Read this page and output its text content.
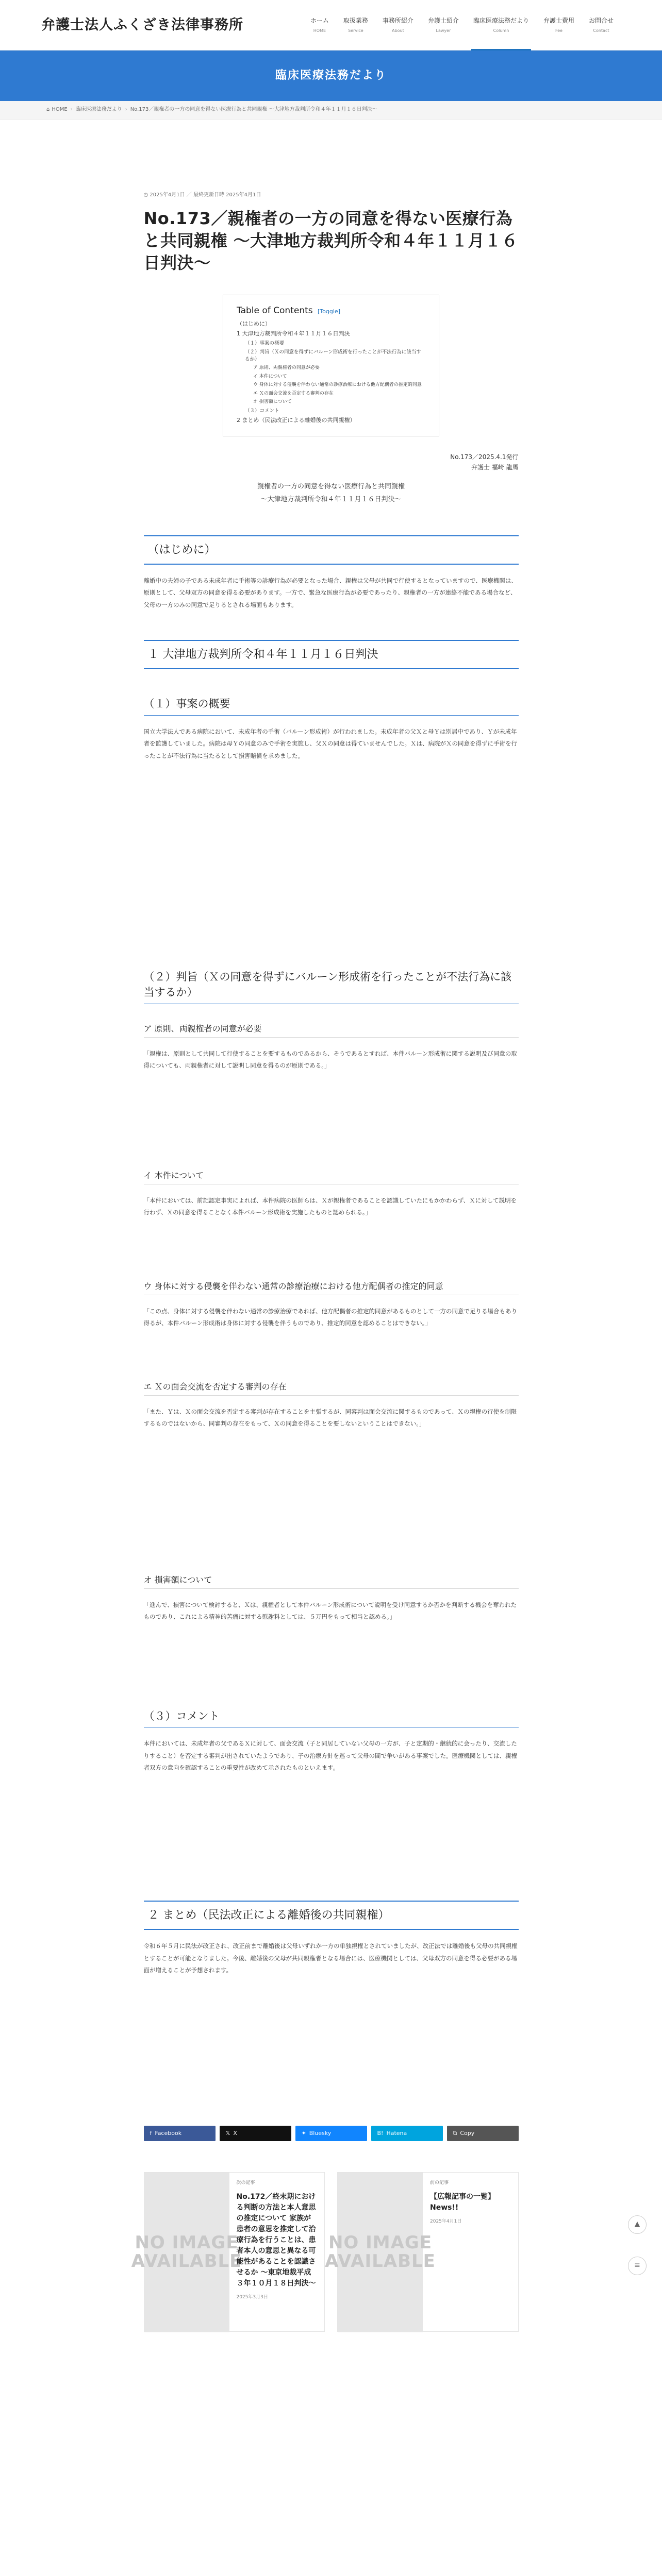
弁護士法人ふくざき法律事務所	ホーム
HOME
取扱業務
Service
事務所紹介
About
弁護士紹介
Lawyer
臨床医療法務だより
Column
弁護士費用
Fee
お問合せ
Contact
臨床医療法務だより
⌂ HOME › 臨床医療法務だより › No.173／親権者の一方の同意を得ない医療行為と共同親権 ～大津地方裁判所令和４年１１月１６日判決～
◷ 2025年4月1日 ／ 最終更新日時 2025年4月1日
No.173／親権者の一方の同意を得ない医療行為と共同親権 ～大津地方裁判所令和４年１１月１６日判決～
Table of Contents [Toggle]
（はじめに）
1 大津地方裁判所令和４年１１月１６日判決
（１）事案の概要
（２）判旨（Ｘの同意を得ずにバルーン形成術を行ったことが不法行為に該当するか）
ア 原則、両親権者の同意が必要
イ 本件について
ウ 身体に対する侵襲を伴わない通常の診療治療における他方配偶者の推定的同意
エ Ｘの面会交流を否定する審判の存在
オ 損害額について
（３）コメント
2 まとめ（民法改正による離婚後の共同親権）
No.173／2025.4.1発行
弁護士 福崎 龍馬
親権者の一方の同意を得ない医療行為と共同親権
～大津地方裁判所令和４年１１月１６日判決～
（はじめに）

離婚中の夫婦の子である未成年者に手術等の診療行為が必要となった場合、親権は父母が共同で行使するとなっていますので、医療機関は、原則として、父母双方の同意を得る必要があります。一方で、緊急な医療行為が必要であったり、親権者の一方が連絡不能である場合など、父母の一方のみの同意で足りるとされる場面もあります。

１ 大津地方裁判所令和４年１１月１６日判決
（１）事案の概要

国立大学法人である病院において、未成年者の手術（バルーン形成術）が行われました。未成年者の父Ｘと母Ｙは別居中であり、Ｙが未成年者を監護していました。病院は母Ｙの同意のみで手術を実施し、父Ｘの同意は得ていませんでした。Ｘは、病院がＸの同意を得ずに手術を行ったことが不法行為に当たるとして損害賠償を求めました。

（２）判旨（Ｘの同意を得ずにバルーン形成術を行ったことが不法行為に該当するか）
ア 原則、両親権者の同意が必要

「親権は、原則として共同して行使することを要するものであるから、そうであるとすれば、本件バルーン形成術に関する説明及び同意の取得についても、両親権者に対して説明し同意を得るのが原則である。」

イ 本件について

「本件においては、前記認定事実によれば、本件病院の医師らは、Ｘが親権者であることを認識していたにもかかわらず、Ｘに対して説明を行わず、Ｘの同意を得ることなく本件バルーン形成術を実施したものと認められる。」

ウ 身体に対する侵襲を伴わない通常の診療治療における他方配偶者の推定的同意

「この点、身体に対する侵襲を伴わない通常の診療治療であれば、他方配偶者の推定的同意があるものとして一方の同意で足りる場合もあり得るが、本件バルーン形成術は身体に対する侵襲を伴うものであり、推定的同意を認めることはできない。」

エ Ｘの面会交流を否定する審判の存在

「また、Ｙは、Ｘの面会交流を否定する審判が存在することを主張するが、同審判は面会交流に関するものであって、Ｘの親権の行使を制限するものではないから、同審判の存在をもって、Ｘの同意を得ることを要しないということはできない。」

オ 損害額について

「進んで、損害について検討すると、Ｘは、親権者として本件バルーン形成術について説明を受け同意するか否かを判断する機会を奪われたものであり、これによる精神的苦痛に対する慰謝料としては、５万円をもって相当と認める。」

（３）コメント

本件においては、未成年者の父であるＸに対して、面会交流（子と同居していない父母の一方が、子と定期的・継続的に会ったり、交流したりすること）を否定する審判が出されていたようであり、子の治療方針を巡って父母の間で争いがある事案でした。医療機関としては、親権者双方の意向を確認することの重要性が改めて示されたものといえます。

２ まとめ（民法改正による離婚後の共同親権）

令和６年５月に民法が改正され、改正前まで離婚後は父母いずれか一方の単独親権とされていましたが、改正法では離婚後も父母の共同親権とすることが可能となりました。今後、離婚後の父母が共同親権者となる場合には、医療機関としては、父母双方の同意を得る必要がある場面が増えることが予想されます。

f Facebook	𝕏 X	✦ Bluesky	B! Hatena	⧉ Copy
NO IMAGE AVAILABLE
次の記事
No.172／終末期における判断の方法と本人意思の推定について 家族が患者の意思を推定して治療行為を行うことは、患者本人の意思と異なる可能性があることを認識させるか ～東京地裁平成３年１０月１８日判決～
2025年3月3日
NO IMAGE AVAILABLE
前の記事
【広報記事の一覧】News!!
2025年4月1日	▲
≡
